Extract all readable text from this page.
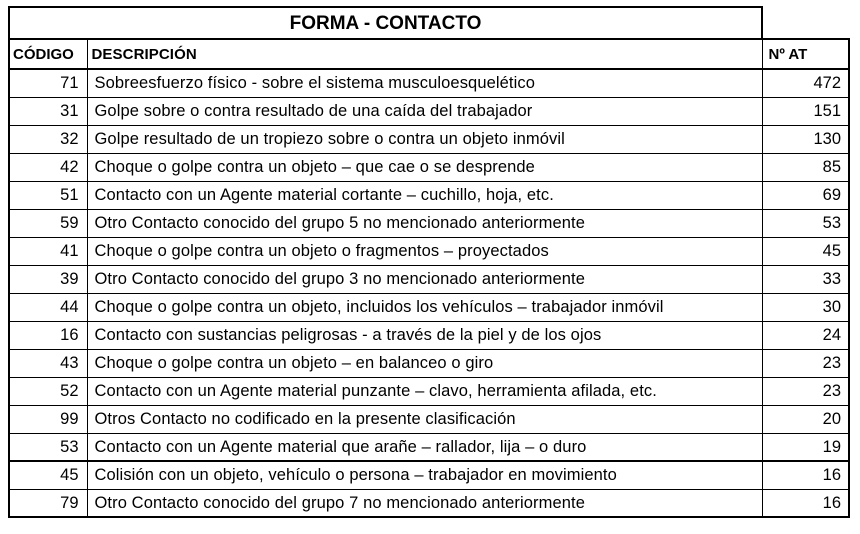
FORMA - CONTACTO		
CÓDIGO	DESCRIPCIÓN	Nº AT
71	Sobreesfuerzo físico - sobre el sistema musculoesquelético	472
31	Golpe sobre o contra resultado de una caída del trabajador	151
32	Golpe resultado de un tropiezo sobre o contra un objeto inmóvil	130
42	Choque o golpe contra un objeto – que cae o se desprende	85
51	Contacto con un Agente material cortante – cuchillo, hoja, etc.	69
59	Otro Contacto conocido del grupo 5 no mencionado anteriormente	53
41	Choque o golpe contra un objeto o fragmentos – proyectados	45
39	Otro Contacto conocido del grupo 3 no mencionado anteriormente	33
44	Choque o golpe contra un objeto, incluidos los vehículos – trabajador inmóvil	30
16	Contacto con sustancias peligrosas - a través de la piel y de los ojos	24
43	Choque o golpe contra un objeto – en balanceo o giro	23
52	Contacto con un Agente material punzante – clavo, herramienta afilada, etc.	23
99	Otros Contacto no codificado en la presente clasificación	20
53	Contacto con un Agente material que arañe – rallador, lija – o duro	19
45	Colisión con un objeto, vehículo o persona – trabajador en movimiento	16
79	Otro Contacto conocido del grupo 7 no mencionado anteriormente	16
